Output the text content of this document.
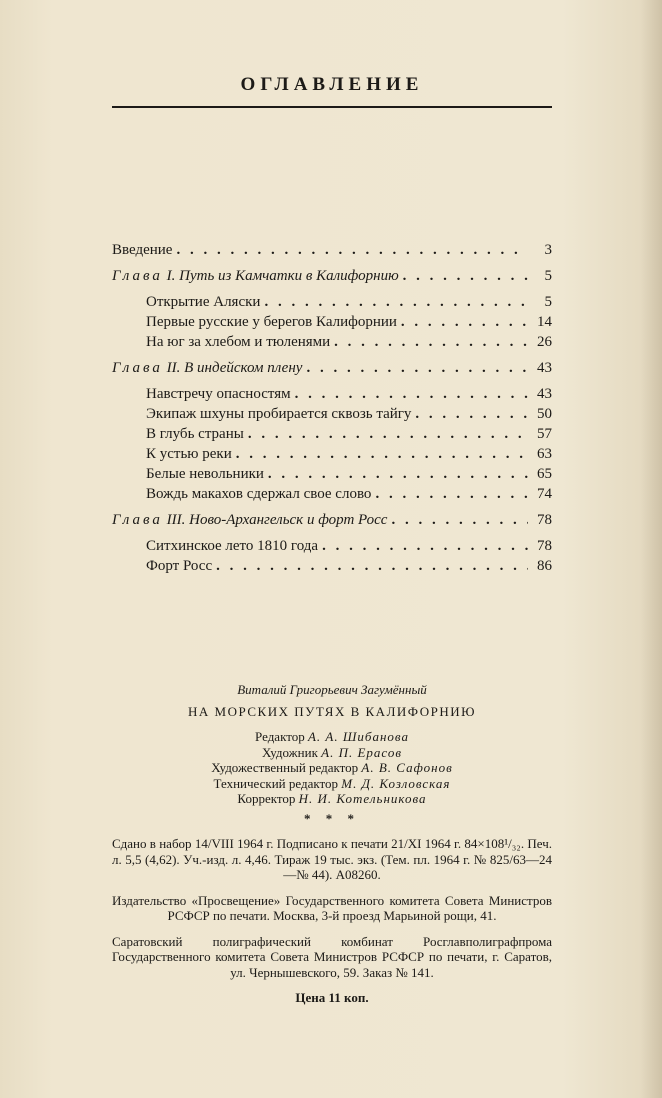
ОГЛАВЛЕНИЕ
Введение . . .	3
Глава I. Путь из Камчатки в Калифорнию . . .	5
Открытие Аляски . . .	5
Первые русские у берегов Калифорнии . . .	14
На юг за хлебом и тюленями . . .	26
Глава II. В индейском плену . . .	43
Навстречу опасностям . . .	43
Экипаж шхуны пробирается сквозь тайгу . . .	50
В глубь страны . . .	57
К устью реки . . .	63
Белые невольники . . .	65
Вождь макахов сдержал свое слово . . .	74
Глава III. Ново-Архангельск и форт Росс . . .	78
Ситхинское лето 1810 года . . .	78
Форт Росс . . .	86
Виталий Григорьевич Загумённый
НА МОРСКИХ ПУТЯХ В КАЛИФОРНИЮ
Редактор А. А. Шибанова
Художник А. П. Ерасов
Художественный редактор А. В. Сафонов
Технический редактор М. Д. Козловская
Корректор Н. И. Котельникова
* * *
Сдано в набор 14/VIII 1964 г. Подписано к печати 21/XI 1964 г. 84×108¹/₃₂. Печ. л. 5,5 (4,62). Уч.-изд. л. 4,46. Тираж 19 тыс. экз. (Тем. пл. 1964 г. № 825/63—24—№ 44). А08260.
Издательство «Просвещение» Государственного комитета Совета Министров РСФСР по печати. Москва, 3-й проезд Марьиной рощи, 41.
Саратовский полиграфический комбинат Росглавполиграфпрома Государственного комитета Совета Министров РСФСР по печати, г. Саратов, ул. Чернышевского, 59. Заказ № 141.
Цена 11 коп.
